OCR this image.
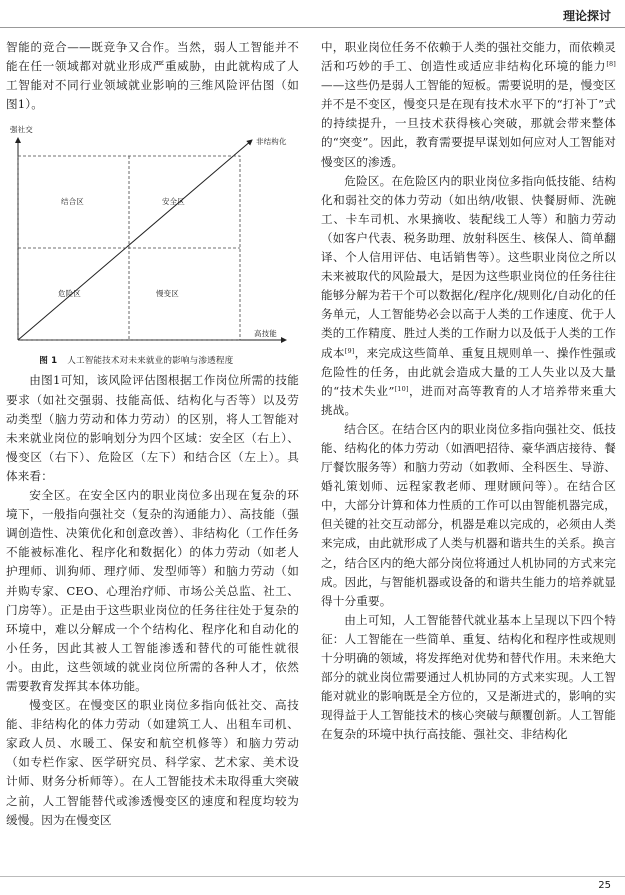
理论探讨

智能的竞合——既竞争又合作。当然，弱人工智能并不能在任一领域都对就业形成严重威胁，由此就构成了人工智能对不同行业领域就业影响的三维风险评估图（如图1）。

强社交
非结构化
高技能
结合区	安全区
危险区	慢变区

图 1 人工智能技术对未来就业的影响与渗透程度

由图1可知，该风险评估图根据工作岗位所需的技能要求（如社交强弱、技能高低、结构化与否等）以及劳动类型（脑力劳动和体力劳动）的区别，将人工智能对未来就业岗位的影响划分为四个区域：安全区（右上）、慢变区（右下）、危险区（左下）和结合区（左上）。具体来看：

安全区。在安全区内的职业岗位多出现在复杂的环境下，一般指向强社交（复杂的沟通能力）、高技能（强调创造性、决策优化和创意改善）、非结构化（工作任务不能被标准化、程序化和数据化）的体力劳动（如老人护理师、训狗师、理疗师、发型师等）和脑力劳动（如并购专家、CEO、心理治疗师、市场公关总监、社工、门房等）。正是由于这些职业岗位的任务往往处于复杂的环境中，难以分解成一个个结构化、程序化和自动化的小任务，因此其被人工智能渗透和替代的可能性就很小。由此，这些领域的就业岗位所需的各种人才，依然需要教育发挥其本体功能。

慢变区。在慢变区的职业岗位多指向低社交、高技能、非结构化的体力劳动（如建筑工人、出租车司机、家政人员、水暖工、保安和航空机修等）和脑力劳动（如专栏作家、医学研究员、科学家、艺术家、美术设计师、财务分析师等）。在人工智能技术未取得重大突破之前，人工智能替代或渗透慢变区的速度和程度均较为缓慢。因为在慢变区

中，职业岗位任务不依赖于人类的强社交能力，而依赖灵活和巧妙的手工、创造性或适应非结构化环境的能力[8]——这些仍是弱人工智能的短板。需要说明的是，慢变区并不是不变区，慢变只是在现有技术水平下的“打补丁”式的持续提升，一旦技术获得核心突破，那就会带来整体的“突变”。因此，教育需要提早谋划如何应对人工智能对慢变区的渗透。

危险区。在危险区内的职业岗位多指向低技能、结构化和弱社交的体力劳动（如出纳/收银、快餐厨师、洗碗工、卡车司机、水果摘收、装配线工人等）和脑力劳动（如客户代表、税务助理、放射科医生、核保人、简单翻译、个人信用评估、电话销售等）。这些职业岗位之所以未来被取代的风险最大，是因为这些职业岗位的任务往往能够分解为若干个可以数据化/程序化/规则化/自动化的任务单元，人工智能势必会以高于人类的工作速度、优于人类的工作精度、胜过人类的工作耐力以及低于人类的工作成本[9]，来完成这些简单、重复且规则单一、操作性强或危险性的任务，由此就会造成大量的工人失业以及大量的“技术失业”[10]，进而对高等教育的人才培养带来重大挑战。

结合区。在结合区内的职业岗位多指向强社交、低技能、结构化的体力劳动（如酒吧招待、豪华酒店接待、餐厅餐饮服务等）和脑力劳动（如教师、全科医生、导游、婚礼策划师、远程家教老师、理财顾问等）。在结合区中，大部分计算和体力性质的工作可以由智能机器完成，但关键的社交互动部分，机器是难以完成的，必须由人类来完成，由此就形成了人类与机器和谐共生的关系。换言之，结合区内的绝大部分岗位将通过人机协同的方式来完成。因此，与智能机器或设备的和谐共生能力的培养就显得十分重要。

由上可知，人工智能替代就业基本上呈现以下四个特征：人工智能在一些简单、重复、结构化和程序性或规则十分明确的领域，将发挥绝对优势和替代作用。未来绝大部分的就业岗位需要通过人机协同的方式来实现。人工智能对就业的影响既是全方位的，又是渐进式的，影响的实现得益于人工智能技术的核心突破与颠覆创新。人工智能在复杂的环境中执行高技能、强社交、非结构化

25
